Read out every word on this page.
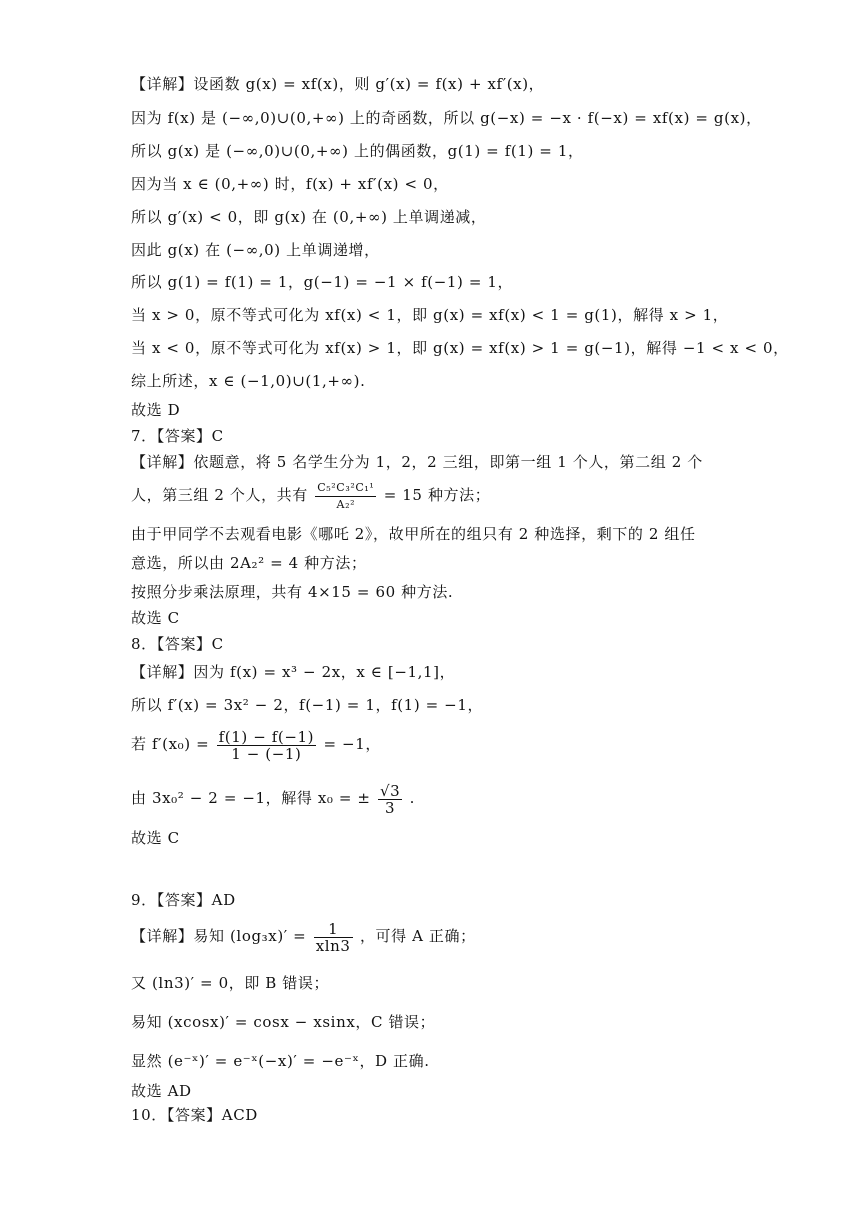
【详解】设函数 g(x) = xf(x)，则 g′(x) = f(x) + xf′(x)，
因为 f(x) 是 (−∞,0)∪(0,+∞) 上的奇函数，所以 g(−x) = −x · f(−x) = xf(x) = g(x)，
所以 g(x) 是 (−∞,0)∪(0,+∞) 上的偶函数，g(1) = f(1) = 1，
因为当 x ∈ (0,+∞) 时，f(x) + xf′(x) < 0，
所以 g′(x) < 0，即 g(x) 在 (0,+∞) 上单调递减，
因此 g(x) 在 (−∞,0) 上单调递增，
所以 g(1) = f(1) = 1，g(−1) = −1 × f(−1) = 1，
当 x > 0，原不等式可化为 xf(x) < 1，即 g(x) = xf(x) < 1 = g(1)，解得 x > 1，
当 x < 0，原不等式可化为 xf(x) > 1，即 g(x) = xf(x) > 1 = g(−1)，解得 −1 < x < 0，
综上所述，x ∈ (−1,0)∪(1,+∞).
故选 D
7．【答案】C
【详解】依题意，将 5 名学生分为 1，2，2 三组，即第一组 1 个人，第二组 2 个
人，第三组 2 个人，共有 $\frac{\text{C₅²C₃²C₁¹}}{\text{A₂²}} = 15$ 种方法；
由于甲同学不去观看电影《哪吒 2》，故甲所在的组只有 2 种选择，剩下的 2 组任
意选，所以由 2A₂² = 4 种方法；
按照分步乘法原理，共有 4×15 = 60 种方法.
故选 C
8．【答案】C
【详解】因为 f(x) = x³ − 2x，x ∈ [−1,1]，
所以 f′(x) = 3x² − 2，f(−1) = 1，f(1) = −1，
若 $f'(x_0) = \frac{f(1) - f(-1)}{1 - (-1)} = -1$，
由 3x₀² − 2 = −1，解得 x₀ = ± $\frac{√3}{3}$ .
故选 C
9．【答案】AD
【详解】易知 $(\log_3x)' = \frac{1}{xln3}$ ，可得 A 正确；
又 (ln3)′ = 0，即 B 错误；
易知 (xcosx)′ = cosx − xsinx，C 错误；
显然 (e⁻ˣ)′ = e⁻ˣ(−x)′ = −e⁻ˣ，D 正确.
故选 AD
10．【答案】ACD
